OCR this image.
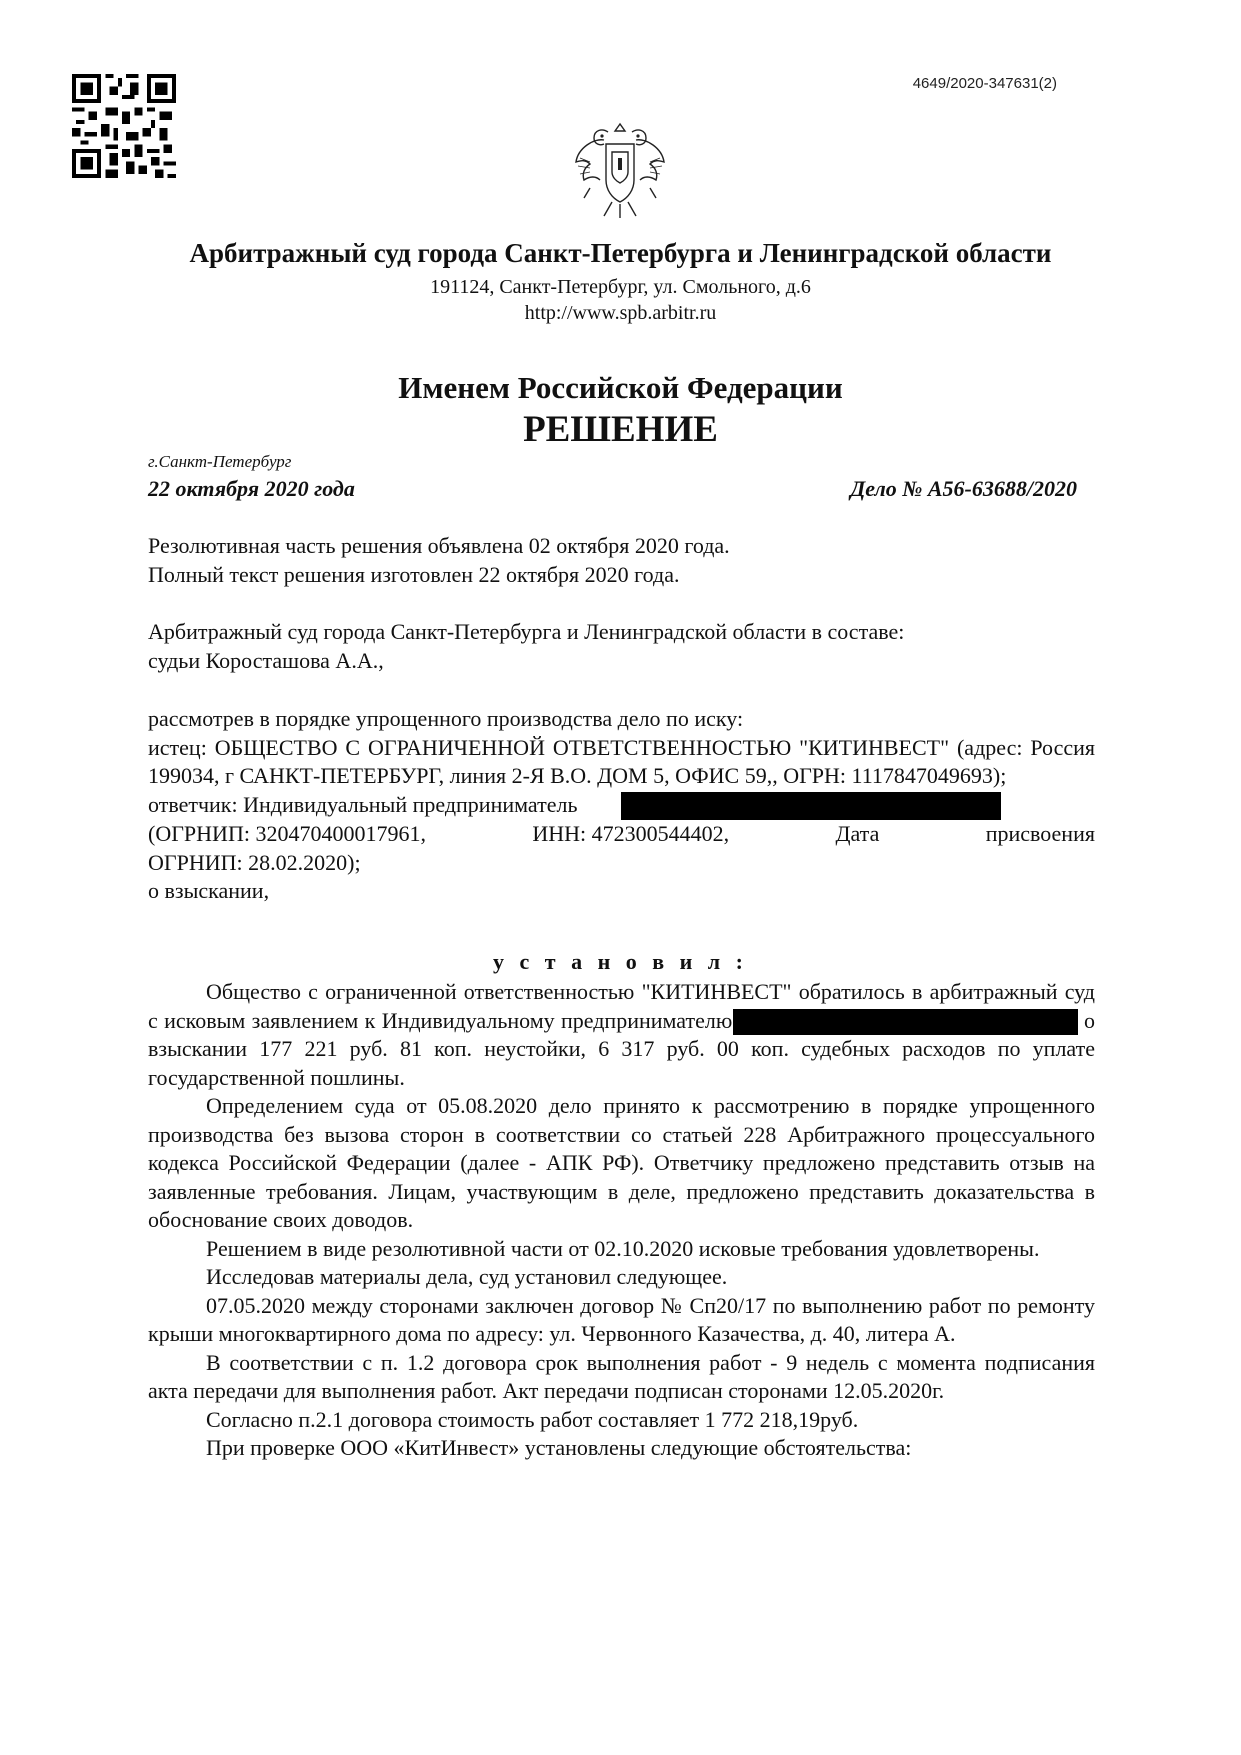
4649/2020-347631(2)
Арбитражный суд города Санкт-Петербурга и Ленинградской области
191124, Санкт-Петербург, ул. Смольного, д.6
http://www.spb.arbitr.ru
Именем Российской Федерации
РЕШЕНИЕ
г.Санкт-Петербург
22 октября 2020 года	Дело № А56-63688/2020

Резолютивная часть решения объявлена 02 октября 2020 года.

Полный текст решения изготовлен 22 октября 2020 года.

Арбитражный суд города Санкт-Петербурга и Ленинградской области в составе:

судьи Коросташова А.А.,

рассмотрев в порядке упрощенного производства дело по иску:

истец: ОБЩЕСТВО С ОГРАНИЧЕННОЙ ОТВЕТСТВЕННОСТЬЮ "КИТИНВЕСТ" (адрес: Россия 199034, г САНКТ-ПЕТЕРБУРГ, линия 2-Я В.О. ДОМ 5, ОФИС 59,, ОГРН: 1117847049693);

ответчик: Индивидуальный предприниматель

(ОГРНИП: 320470400017961,	ИНН: 472300544402,	Дата	присвоения

ОГРНИП: 28.02.2020);

о взыскании,

у с т а н о в и л :

Общество с ограниченной ответственностью "КИТИНВЕСТ" обратилось в арбитражный суд с исковым заявлением к Индивидуальному предпринимателю	о взыскании 177 221 руб. 81 коп. неустойки, 6 317 руб. 00 коп. судебных расходов по уплате государственной пошлины.

Определением суда от 05.08.2020 дело принято к рассмотрению в порядке упрощенного производства без вызова сторон в соответствии со статьей 228 Арбитражного процессуального кодекса Российской Федерации (далее - АПК РФ). Ответчику предложено представить отзыв на заявленные требования. Лицам, участвующим в деле, предложено представить доказательства в обоснование своих доводов.

Решением в виде резолютивной части от 02.10.2020 исковые требования удовлетворены.

Исследовав материалы дела, суд установил следующее.

07.05.2020 между сторонами заключен договор № Сп20/17 по выполнению работ по ремонту крыши многоквартирного дома по адресу: ул. Червонного Казачества, д. 40, литера А.

В соответствии с п. 1.2 договора срок выполнения работ - 9 недель с момента подписания акта передачи для выполнения работ. Акт передачи подписан сторонами 12.05.2020г.

Согласно п.2.1 договора стоимость работ составляет 1 772 218,19руб.

При проверке ООО «КитИнвест» установлены следующие обстоятельства:
